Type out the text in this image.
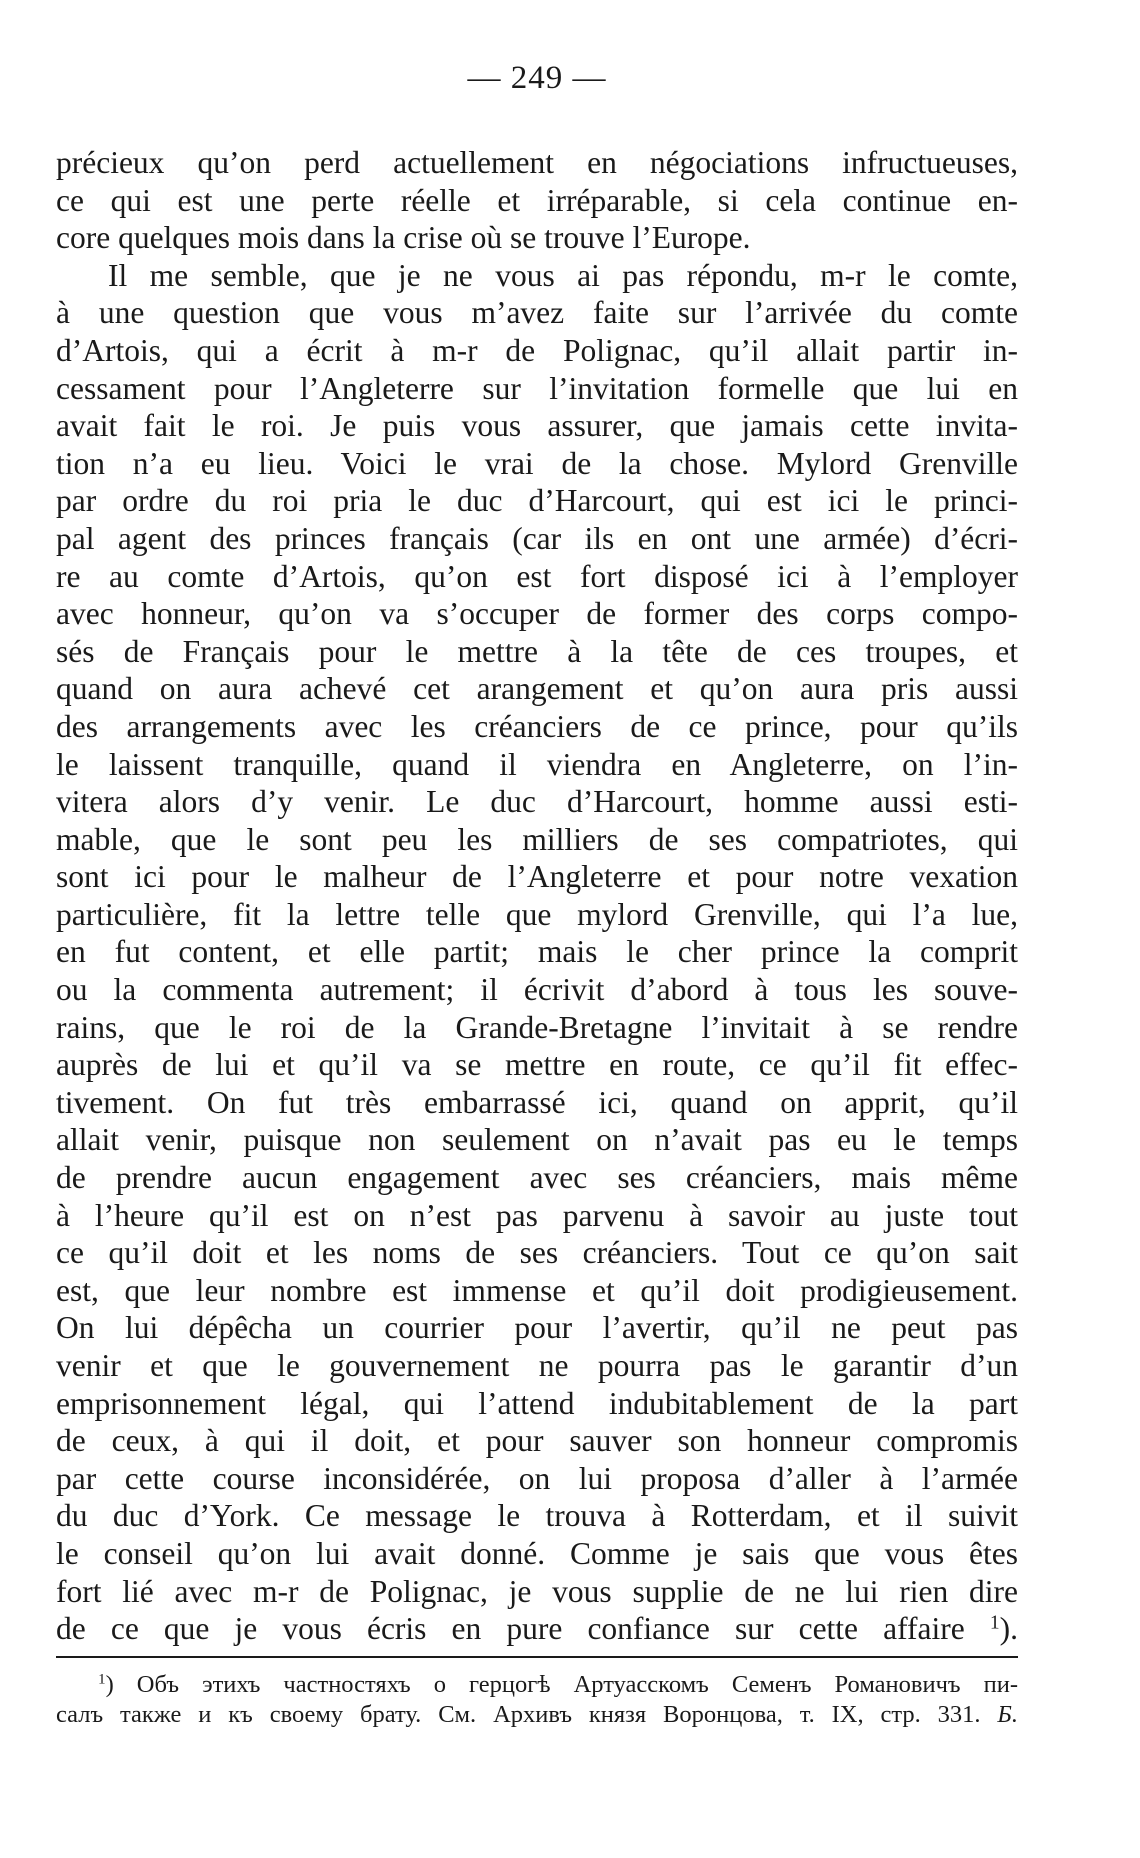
— 249 —
précieux qu’on perd actuellement en négociations infructueuses,
ce qui est une perte réelle et irréparable, si cela continue en-
core quelques mois dans la crise où se trouve l’Europe.
Il me semble, que je ne vous ai pas répondu, m-r le comte,
à une question que vous m’avez faite sur l’arrivée du comte
d’Artois, qui a écrit à m-r de Polignac, qu’il allait partir in-
cessament pour l’Angleterre sur l’invitation formelle que lui en
avait fait le roi. Je puis vous assurer, que jamais cette invita-
tion n’a eu lieu. Voici le vrai de la chose. Mylord Grenville
par ordre du roi pria le duc d’Harcourt, qui est ici le princi-
pal agent des princes français (car ils en ont une armée) d’écri-
re au comte d’Artois, qu’on est fort disposé ici à l’employer
avec honneur, qu’on va s’occuper de former des corps compo-
sés de Français pour le mettre à la tête de ces troupes, et
quand on aura achevé cet arangement et qu’on aura pris aussi
des arrangements avec les créanciers de ce prince, pour qu’ils
le laissent tranquille, quand il viendra en Angleterre, on l’in-
vitera alors d’y venir. Le duc d’Harcourt, homme aussi esti-
mable, que le sont peu les milliers de ses compatriotes, qui
sont ici pour le malheur de l’Angleterre et pour notre vexation
particulière, fit la lettre telle que mylord Grenville, qui l’a lue,
en fut content, et elle partit; mais le cher prince la comprit
ou la commenta autrement; il écrivit d’abord à tous les souve-
rains, que le roi de la Grande-Bretagne l’invitait à se rendre
auprès de lui et qu’il va se mettre en route, ce qu’il fit effec-
tivement. On fut très embarrassé ici, quand on apprit, qu’il
allait venir, puisque non seulement on n’avait pas eu le temps
de prendre aucun engagement avec ses créanciers, mais même
à l’heure qu’il est on n’est pas parvenu à savoir au juste tout
ce qu’il doit et les noms de ses créanciers. Tout ce qu’on sait
est, que leur nombre est immense et qu’il doit prodigieusement.
On lui dépêcha un courrier pour l’avertir, qu’il ne peut pas
venir et que le gouvernement ne pourra pas le garantir d’un
emprisonnement légal, qui l’attend indubitablement de la part
de ceux, à qui il doit, et pour sauver son honneur compromis
par cette course inconsidérée, on lui proposa d’aller à l’armée
du duc d’York. Ce message le trouva à Rotterdam, et il suivit
le conseil qu’on lui avait donné. Comme je sais que vous êtes
fort lié avec m-r de Polignac, je vous supplie de ne lui rien dire
de ce que je vous écris en pure confiance sur cette affaire $^1$).
$^1$) Объ этихъ частностяхъ о герцогѣ Артуасскомъ Семенъ Романовичъ пи-
салъ также и къ своему брату. См. Архивъ князя Воронцова, т. IX, стр. 331. Б.
